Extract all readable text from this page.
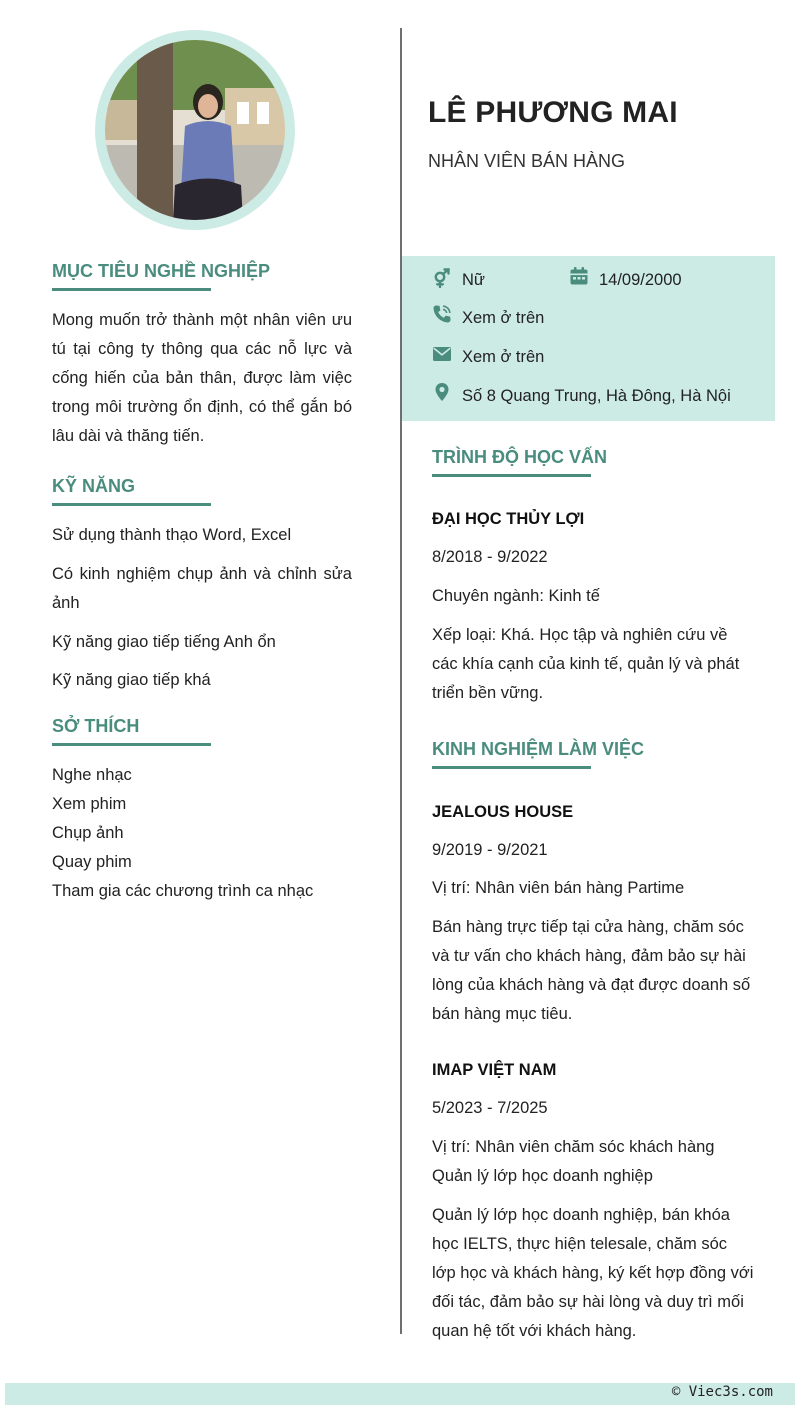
LÊ PHƯƠNG MAI
NHÂN VIÊN BÁN HÀNG
MỤC TIÊU NGHỀ NGHIỆP
Mong muốn trở thành một nhân viên ưu tú tại công ty thông qua các nỗ lực và cống hiến của bản thân, được làm việc trong môi trường ổn định, có thể gắn bó lâu dài và thăng tiến.
KỸ NĂNG
Sử dụng thành thạo Word, Excel
Có kinh nghiệm chụp ảnh và chỉnh sửa ảnh
Kỹ năng giao tiếp tiếng Anh ổn
Kỹ năng giao tiếp khá
SỞ THÍCH
Nghe nhạc
Xem phim
Chụp ảnh
Quay phim
Tham gia các chương trình ca nhạc
Nữ	14/09/2000
Xem ở trên
Xem ở trên
Số 8 Quang Trung, Hà Đông, Hà Nội
TRÌNH ĐỘ HỌC VẤN
ĐẠI HỌC THỦY LỢI
8/2018 - 9/2022
Chuyên ngành: Kinh tế
Xếp loại: Khá. Học tập và nghiên cứu về các khía cạnh của kinh tế, quản lý và phát triển bền vững.
KINH NGHIỆM LÀM VIỆC
JEALOUS HOUSE
9/2019 - 9/2021
Vị trí: Nhân viên bán hàng Partime
Bán hàng trực tiếp tại cửa hàng, chăm sóc và tư vấn cho khách hàng, đảm bảo sự hài lòng của khách hàng và đạt được doanh số bán hàng mục tiêu.
IMAP VIỆT NAM
5/2023 - 7/2025
Vị trí: Nhân viên chăm sóc khách hàng Quản lý lớp học doanh nghiệp
Quản lý lớp học doanh nghiệp, bán khóa học IELTS, thực hiện telesale, chăm sóc lớp học và khách hàng, ký kết hợp đồng với đối tác, đảm bảo sự hài lòng và duy trì mối quan hệ tốt với khách hàng.
© Viec3s.com
